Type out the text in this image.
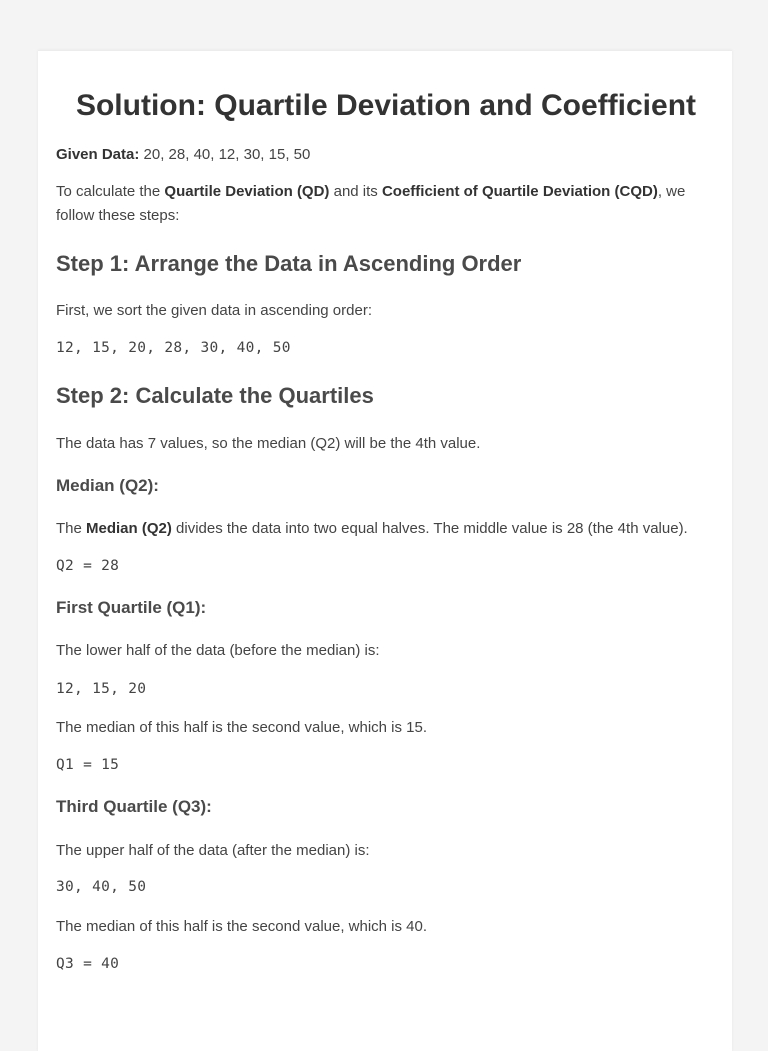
Solution: Quartile Deviation and Coefficient

Given Data: 20, 28, 40, 12, 30, 15, 50

To calculate the Quartile Deviation (QD) and its Coefficient of Quartile Deviation (CQD), we follow these steps:

Step 1: Arrange the Data in Ascending Order

First, we sort the given data in ascending order:

12, 15, 20, 28, 30, 40, 50
Step 2: Calculate the Quartiles

The data has 7 values, so the median (Q2) will be the 4th value.

Median (Q2):

The Median (Q2) divides the data into two equal halves. The middle value is 28 (the 4th value).

Q2 = 28
First Quartile (Q1):

The lower half of the data (before the median) is:

12, 15, 20

The median of this half is the second value, which is 15.

Q1 = 15
Third Quartile (Q3):

The upper half of the data (after the median) is:

30, 40, 50

The median of this half is the second value, which is 40.

Q3 = 40
